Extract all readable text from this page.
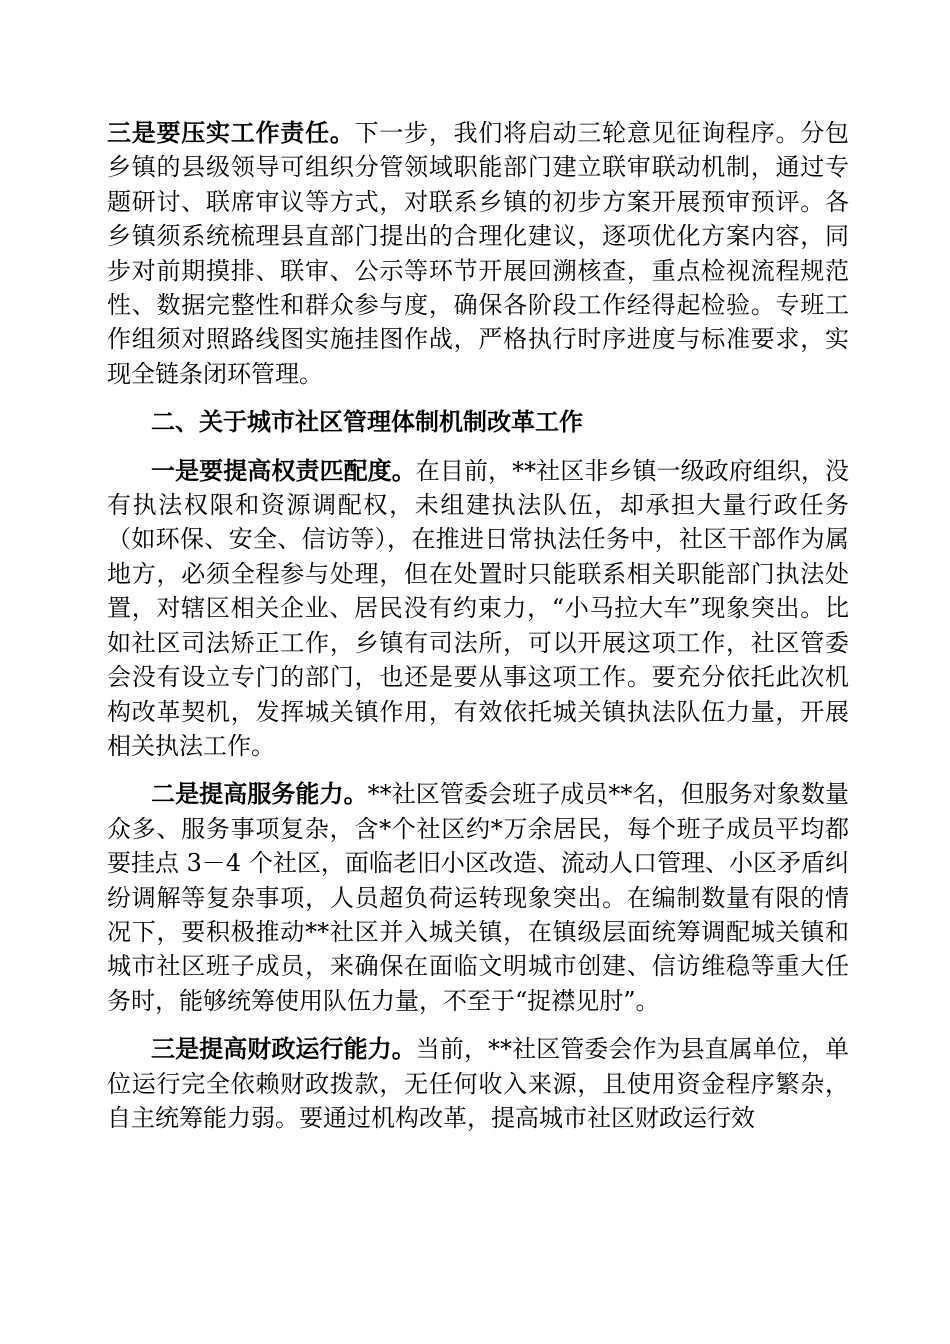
三是要压实工作责任。下一步，我们将启动三轮意见征询程序。分包乡镇的县级领导可组织分管领域职能部门建立联审联动机制，通过专题研讨、联席审议等方式，对联系乡镇的初步方案开展预审预评。各乡镇须系统梳理县直部门提出的合理化建议，逐项优化方案内容，同步对前期摸排、联审、公示等环节开展回溯核查，重点检视流程规范性、数据完整性和群众参与度，确保各阶段工作经得起检验。专班工作组须对照路线图实施挂图作战，严格执行时序进度与标准要求，实现全链条闭环管理。

二、关于城市社区管理体制机制改革工作

一是要提高权责匹配度。在目前，**社区非乡镇一级政府组织，没有执法权限和资源调配权，未组建执法队伍，却承担大量行政任务（如环保、安全、信访等），在推进日常执法任务中，社区干部作为属地方，必须全程参与处理，但在处置时只能联系相关职能部门执法处置，对辖区相关企业、居民没有约束力，“小马拉大车”现象突出。比如社区司法矫正工作，乡镇有司法所，可以开展这项工作，社区管委会没有设立专门的部门，也还是要从事这项工作。要充分依托此次机构改革契机，发挥城关镇作用，有效依托城关镇执法队伍力量，开展相关执法工作。

二是提高服务能力。**社区管委会班子成员**名，但服务对象数量众多、服务事项复杂，含*个社区约*万余居民，每个班子成员平均都要挂点 3－4 个社区，面临老旧小区改造、流动人口管理、小区矛盾纠纷调解等复杂事项，人员超负荷运转现象突出。在编制数量有限的情况下，要积极推动**社区并入城关镇，在镇级层面统筹调配城关镇和城市社区班子成员，来确保在面临文明城市创建、信访维稳等重大任务时，能够统筹使用队伍力量，不至于“捉襟见肘”。

三是提高财政运行能力。当前，**社区管委会作为县直属单位，单位运行完全依赖财政拨款，无任何收入来源，且使用资金程序繁杂，自主统筹能力弱。要通过机构改革，提高城市社区财政运行效
